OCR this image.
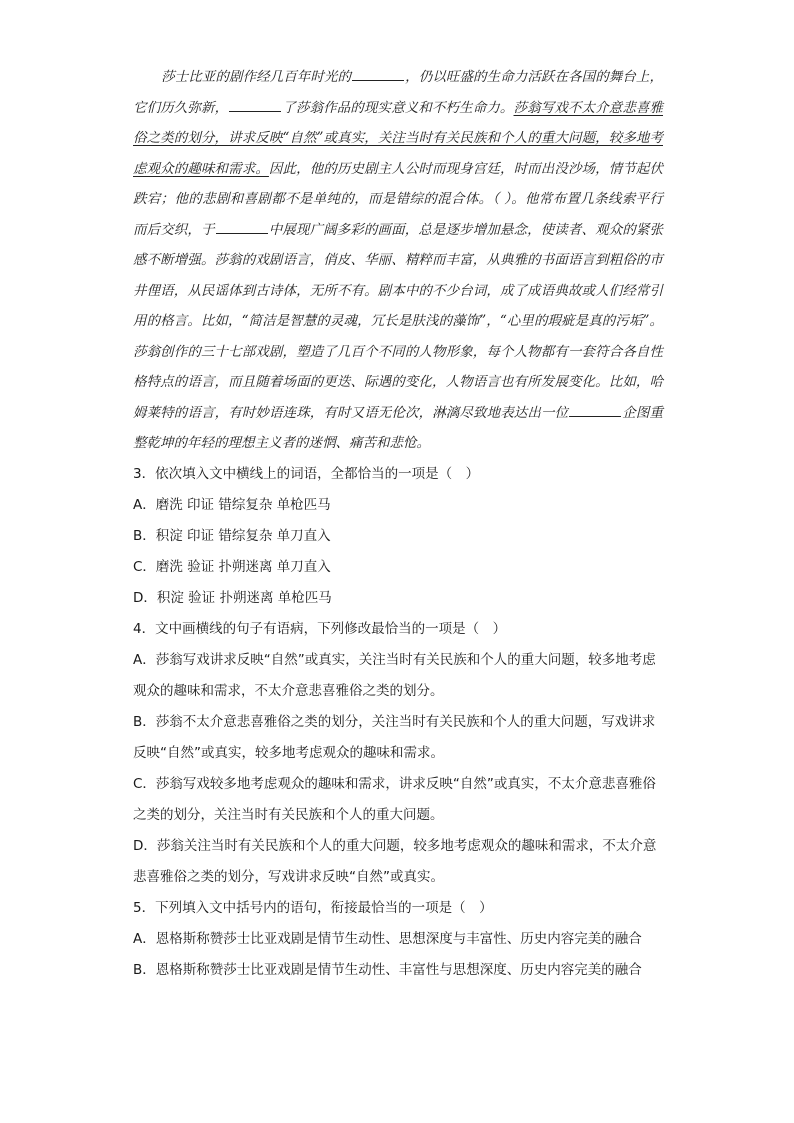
莎士比亚的剧作经几百年时光的	，仍以旺盛的生命力活跃在各国的舞台上，它们历久弥新，	了莎翁作品的现实意义和不朽生命力。莎翁写戏不太介意悲喜雅俗之类的划分，讲求反映“自然”或真实，关注当时有关民族和个人的重大问题，较多地考虑观众的趣味和需求。因此，他的历史剧主人公时而现身宫廷，时而出没沙场，情节起伏跌宕；他的悲剧和喜剧都不是单纯的，而是错综的混合体。（ ）。他常布置几条线索平行而后交织，于	中展现广阔多彩的画面，总是逐步增加悬念，使读者、观众的紧张感不断增强。莎翁的戏剧语言，俏皮、华丽、精粹而丰富，从典雅的书面语言到粗俗的市井俚语，从民谣体到古诗体，无所不有。剧本中的不少台词，成了成语典故或人们经常引用的格言。比如，“简洁是智慧的灵魂，冗长是肤浅的藻饰”，“心里的瑕疵是真的污垢”。莎翁创作的三十七部戏剧，塑造了几百个不同的人物形象，每个人物都有一套符合各自性格特点的语言，而且随着场面的更迭、际遇的变化，人物语言也有所发展变化。比如，哈姆莱特的语言，有时妙语连珠，有时又语无伦次，淋漓尽致地表达出一位	企图重整乾坤的年轻的理想主义者的迷惘、痛苦和悲怆。

3．依次填入文中横线上的词语，全都恰当的一项是（　）

A．磨洗 印证 错综复杂 单枪匹马

B．积淀 印证 错综复杂 单刀直入

C．磨洗 验证 扑朔迷离 单刀直入

D．积淀 验证 扑朔迷离 单枪匹马

4．文中画横线的句子有语病，下列修改最恰当的一项是（　）

A．莎翁写戏讲求反映“自然”或真实，关注当时有关民族和个人的重大问题，较多地考虑观众的趣味和需求，不太介意悲喜雅俗之类的划分。

B．莎翁不太介意悲喜雅俗之类的划分，关注当时有关民族和个人的重大问题，写戏讲求反映“自然”或真实，较多地考虑观众的趣味和需求。

C．莎翁写戏较多地考虑观众的趣味和需求，讲求反映“自然”或真实，不太介意悲喜雅俗之类的划分，关注当时有关民族和个人的重大问题。

D．莎翁关注当时有关民族和个人的重大问题，较多地考虑观众的趣味和需求，不太介意悲喜雅俗之类的划分，写戏讲求反映“自然”或真实。

5．下列填入文中括号内的语句，衔接最恰当的一项是（　）

A．恩格斯称赞莎士比亚戏剧是情节生动性、思想深度与丰富性、历史内容完美的融合

B．恩格斯称赞莎士比亚戏剧是情节生动性、丰富性与思想深度、历史内容完美的融合
